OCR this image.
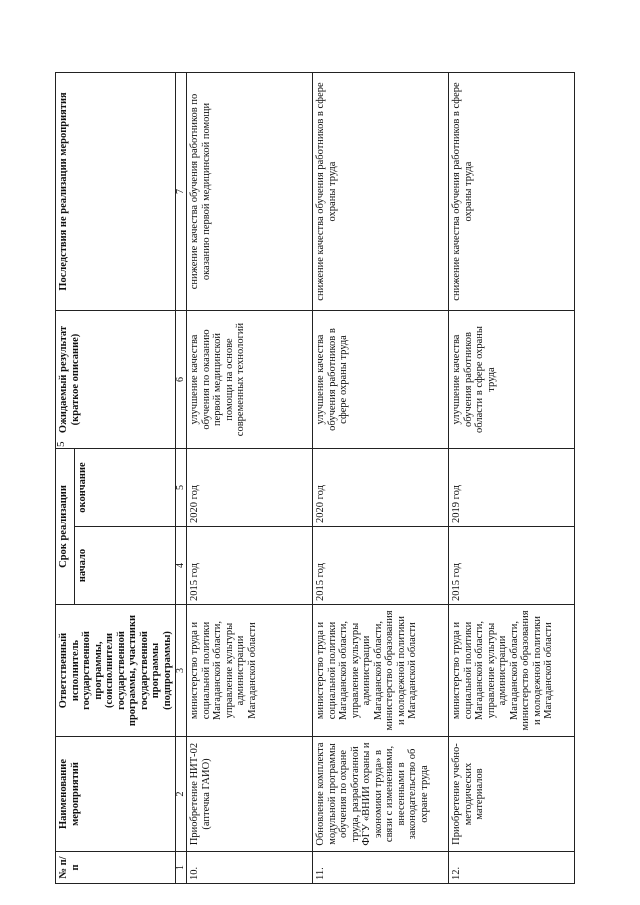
5
№ п/п	Наименование мероприятий	Ответственный исполнитель государственной программы, (соисполнители государственной программы, участники государственной программы (подпрограммы)	Срок реализации		Ожидаемый результат (краткое описание)	Последствия не реализации мероприятия
			начало	окончание		
1	2	3	4	5	6	7
10.	Приобретение НИТ-02 (аптечка ГАИО)	министерство труда и социальной политики Магаданской области, управление культуры администрации Магаданской области	2015 год	2020 год	улучшение качества обучения по оказанию первой медицинской помощи на основе современных технологий	снижение качества обучения работников по оказанию первой медицинской помощи
11.	Обновление комплекта модульной программы обучения по охране труда, разработанной ФГУ «ВНИИ охраны и экономики труда» в связи с изменениями, внесенными в законодательство об охране труда	министерство труда и социальной политики Магаданской области, управление культуры администрации Магаданской области, министерство образования и молодежной политики Магаданской области	2015 год	2020 год	улучшение качества обучения работников в сфере охраны труда	снижение качества обучения работников в сфере охраны труда
12.	Приобретение учебно-методических материалов	министерство труда и социальной политики Магаданской области, управление культуры администрации Магаданской области, министерство образования и молодежной политики Магаданской области	2015 год	2019 год	улучшение качества обучения работников области в сфере охраны труда	снижение качества обучения работников в сфере охраны труда
